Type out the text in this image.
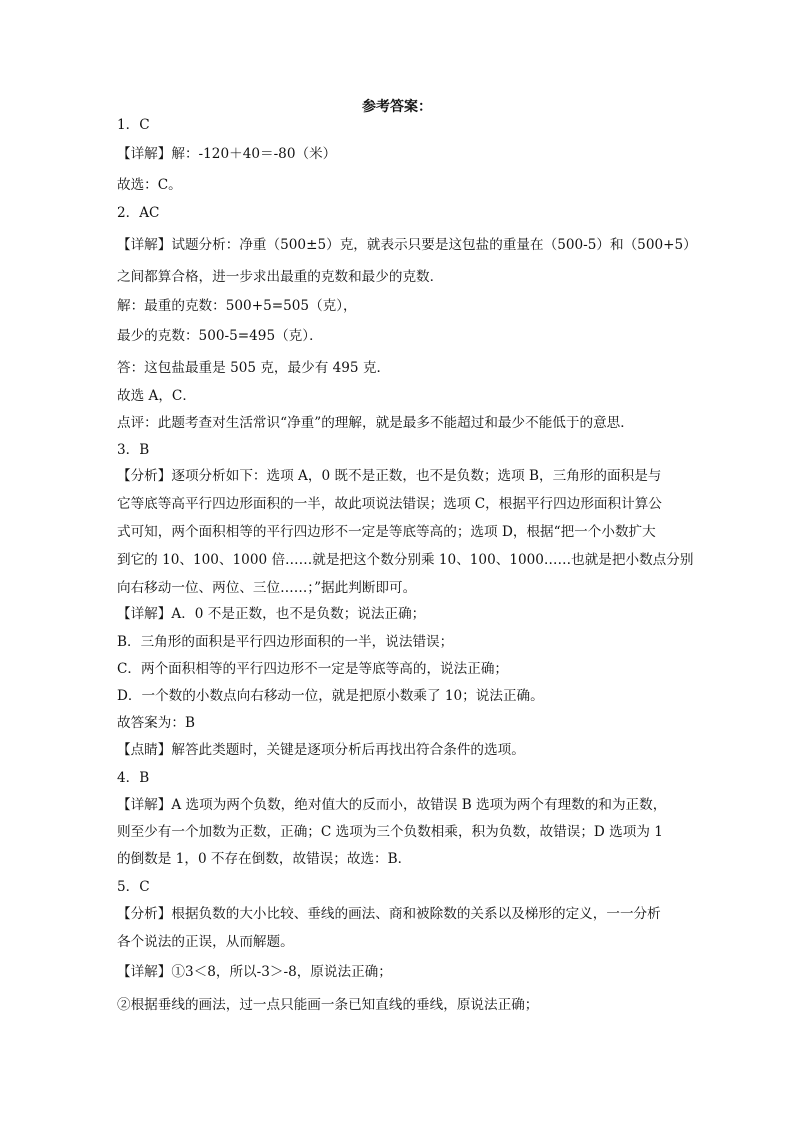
参考答案：
1．C
【详解】解：-120＋40＝-80（米）
故选：C。
2．AC
【详解】试题分析：净重（500±5）克，就表示只要是这包盐的重量在（500-5）和（500+5）
之间都算合格，进一步求出最重的克数和最少的克数．
解：最重的克数：500+5=505（克），
最少的克数：500-5=495（克）．
答：这包盐最重是 505 克，最少有 495 克．
故选 A，C．
点评：此题考查对生活常识“净重”的理解，就是最多不能超过和最少不能低于的意思．
3．B
【分析】逐项分析如下：选项 A，0 既不是正数，也不是负数；选项 B，三角形的面积是与
它等底等高平行四边形面积的一半，故此项说法错误；选项 C，根据平行四边形面积计算公
式可知，两个面积相等的平行四边形不一定是等底等高的；选项 D，根据“把一个小数扩大
到它的 10、100、1000 倍……就是把这个数分别乘 10、100、1000……也就是把小数点分别
向右移动一位、两位、三位……；”据此判断即可。
【详解】A．0 不是正数，也不是负数；说法正确；
B．三角形的面积是平行四边形面积的一半，说法错误；
C．两个面积相等的平行四边形不一定是等底等高的，说法正确；
D．一个数的小数点向右移动一位，就是把原小数乘了 10；说法正确。
故答案为：B
【点睛】解答此类题时，关键是逐项分析后再找出符合条件的选项。
4．B
【详解】A 选项为两个负数，绝对值大的反而小，故错误 B 选项为两个有理数的和为正数，
则至少有一个加数为正数，正确；C 选项为三个负数相乘，积为负数，故错误；D 选项为 1
的倒数是 1，0 不存在倒数，故错误；故选：B．
5．C
【分析】根据负数的大小比较、垂线的画法、商和被除数的关系以及梯形的定义，一一分析
各个说法的正误，从而解题。
【详解】①3＜8，所以-3＞-8，原说法正确；
②根据垂线的画法，过一点只能画一条已知直线的垂线，原说法正确；
